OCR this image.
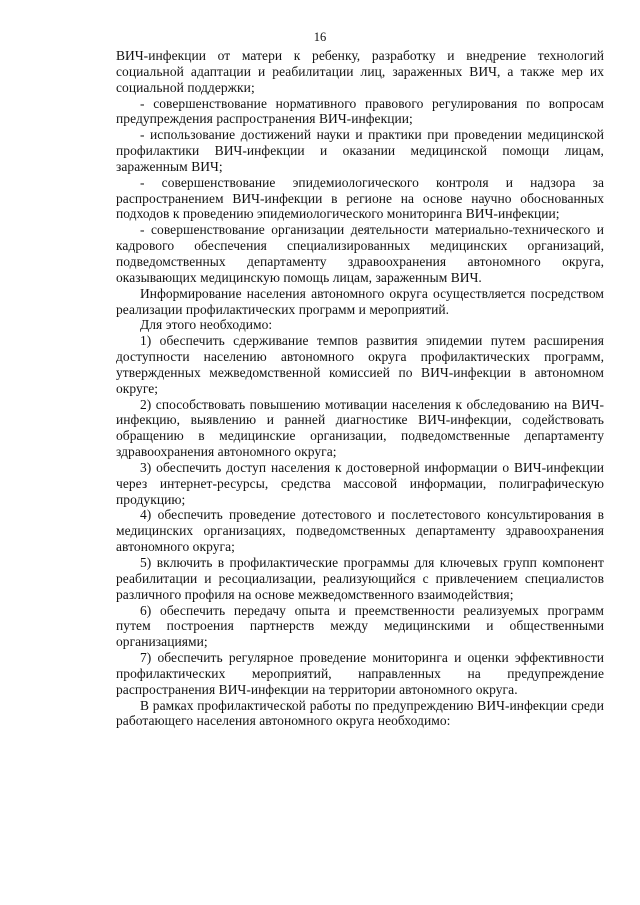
16

ВИЧ-инфекции от матери к ребенку, разработку и внедрение технологий социальной адаптации и реабилитации лиц, зараженных ВИЧ, а также мер их социальной поддержки;

- совершенствование нормативного правового регулирования по вопросам предупреждения распространения ВИЧ-инфекции;

- использование достижений науки и практики при проведении медицинской профилактики ВИЧ-инфекции и оказании медицинской помощи лицам, зараженным ВИЧ;

- совершенствование эпидемиологического контроля и надзора за распространением ВИЧ-инфекции в регионе на основе научно обоснованных подходов к проведению эпидемиологического мониторинга ВИЧ-инфекции;

- совершенствование организации деятельности материально-технического и кадрового обеспечения специализированных медицинских организаций, подведомственных департаменту здравоохранения автономного округа, оказывающих медицинскую помощь лицам, зараженным ВИЧ.

Информирование населения автономного округа осуществляется посредством реализации профилактических программ и мероприятий.

Для этого необходимо:

1) обеспечить сдерживание темпов развития эпидемии путем расширения доступности населению автономного округа профилактических программ, утвержденных межведомственной комиссией по ВИЧ-инфекции в автономном округе;

2) способствовать повышению мотивации населения к обследованию на ВИЧ-инфекцию, выявлению и ранней диагностике ВИЧ-инфекции, содействовать обращению в медицинские организации, подведомственные департаменту здравоохранения автономного округа;

3) обеспечить доступ населения к достоверной информации о ВИЧ-инфекции через интернет-ресурсы, средства массовой информации, полиграфическую продукцию;

4) обеспечить проведение дотестового и послетестового консультирования в медицинских организациях, подведомственных департаменту здравоохранения автономного округа;

5) включить в профилактические программы для ключевых групп компонент реабилитации и ресоциализации, реализующийся с привлечением специалистов различного профиля на основе межведомственного взаимодействия;

6) обеспечить передачу опыта и преемственности реализуемых программ путем построения партнерств между медицинскими и общественными организациями;

7) обеспечить регулярное проведение мониторинга и оценки эффективности профилактических мероприятий, направленных на предупреждение распространения ВИЧ-инфекции на территории автономного округа.

В рамках профилактической работы по предупреждению ВИЧ-инфекции среди работающего населения автономного округа необходимо:
